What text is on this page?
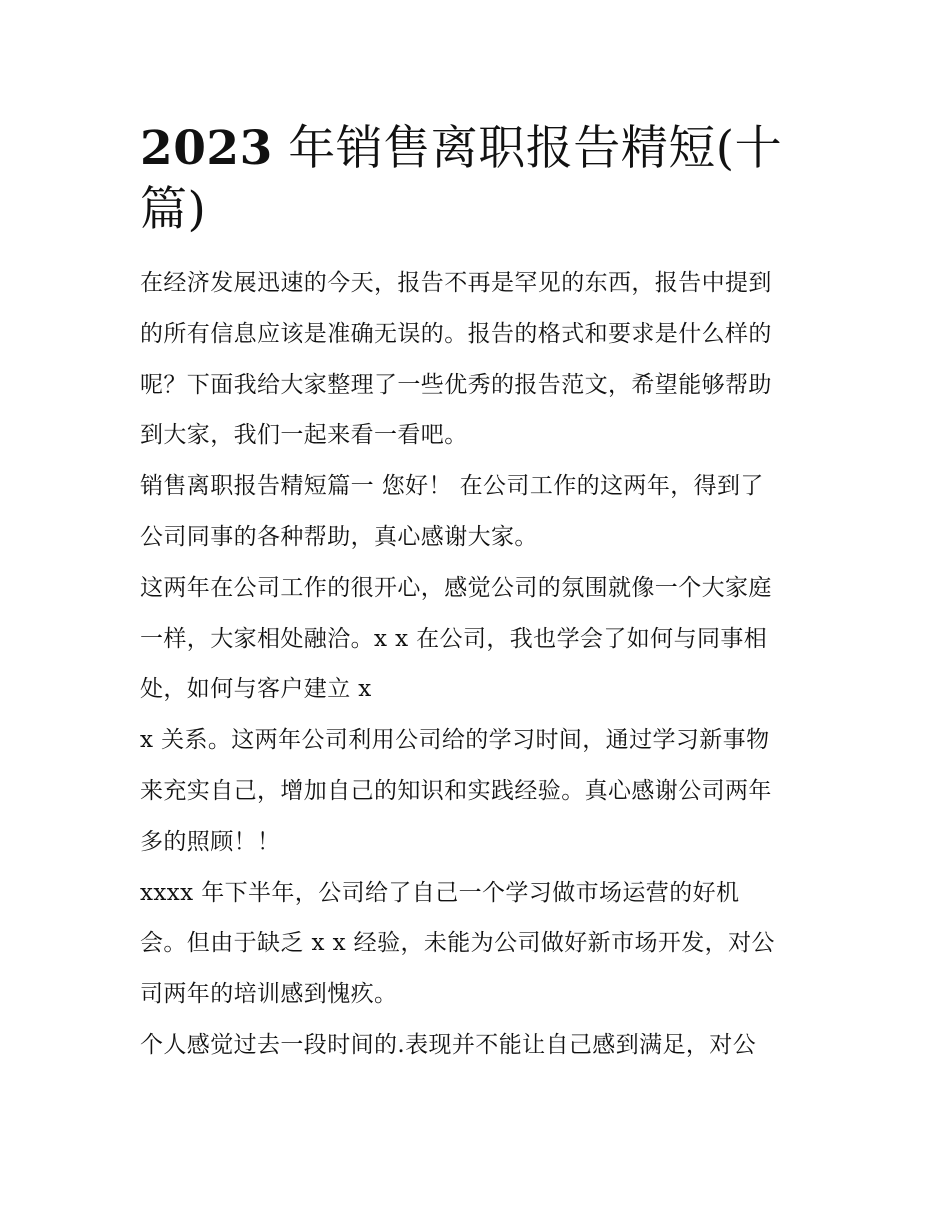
2023 年销售离职报告精短(十
篇)

在经济发展迅速的今天，报告不再是罕见的东西，报告中提到
的所有信息应该是准确无误的。报告的格式和要求是什么样的
呢？下面我给大家整理了一些优秀的报告范文，希望能够帮助
到大家，我们一起来看一看吧。

销售离职报告精短篇一 您好！ 在公司工作的这两年，得到了
公司同事的各种帮助，真心感谢大家。

这两年在公司工作的很开心，感觉公司的氛围就像一个大家庭
一样，大家相处融洽。x x 在公司，我也学会了如何与同事相
处，如何与客户建立 x

x 关系。这两年公司利用公司给的学习时间，通过学习新事物
来充实自己，增加自己的知识和实践经验。真心感谢公司两年
多的照顾！！

xxxx 年下半年，公司给了自己一个学习做市场运营的好机
会。但由于缺乏 x x 经验，未能为公司做好新市场开发，对公
司两年的培训感到愧疚。

个人感觉过去一段时间的.表现并不能让自己感到满足，对公
